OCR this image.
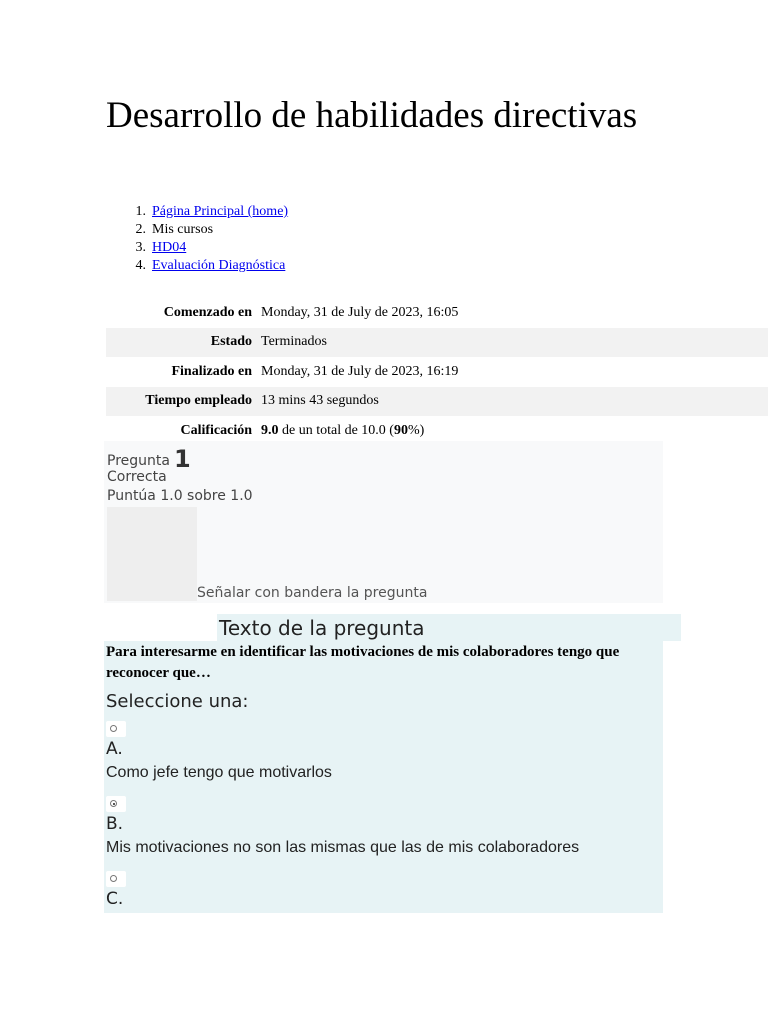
Desarrollo de habilidades directivas
1. Página Principal (home)
2. Mis cursos
3. HD04
4. Evaluación Diagnóstica
Comenzado en	Monday, 31 de July de 2023, 16:05
Estado	Terminados
Finalizado en	Monday, 31 de July de 2023, 16:19
Tiempo empleado	13 mins 43 segundos
Calificación	9.0 de un total de 10.0 (90%)
Pregunta 1
Correcta
Puntúa 1.0 sobre 1.0
Señalar con bandera la pregunta
Texto de la pregunta

Para interesarme en identificar las motivaciones de mis colaboradores tengo que reconocer que…

Seleccione una:

A.
Como jefe tengo que motivarlos
B.
Mis motivaciones no son las mismas que las de mis colaboradores
C.
